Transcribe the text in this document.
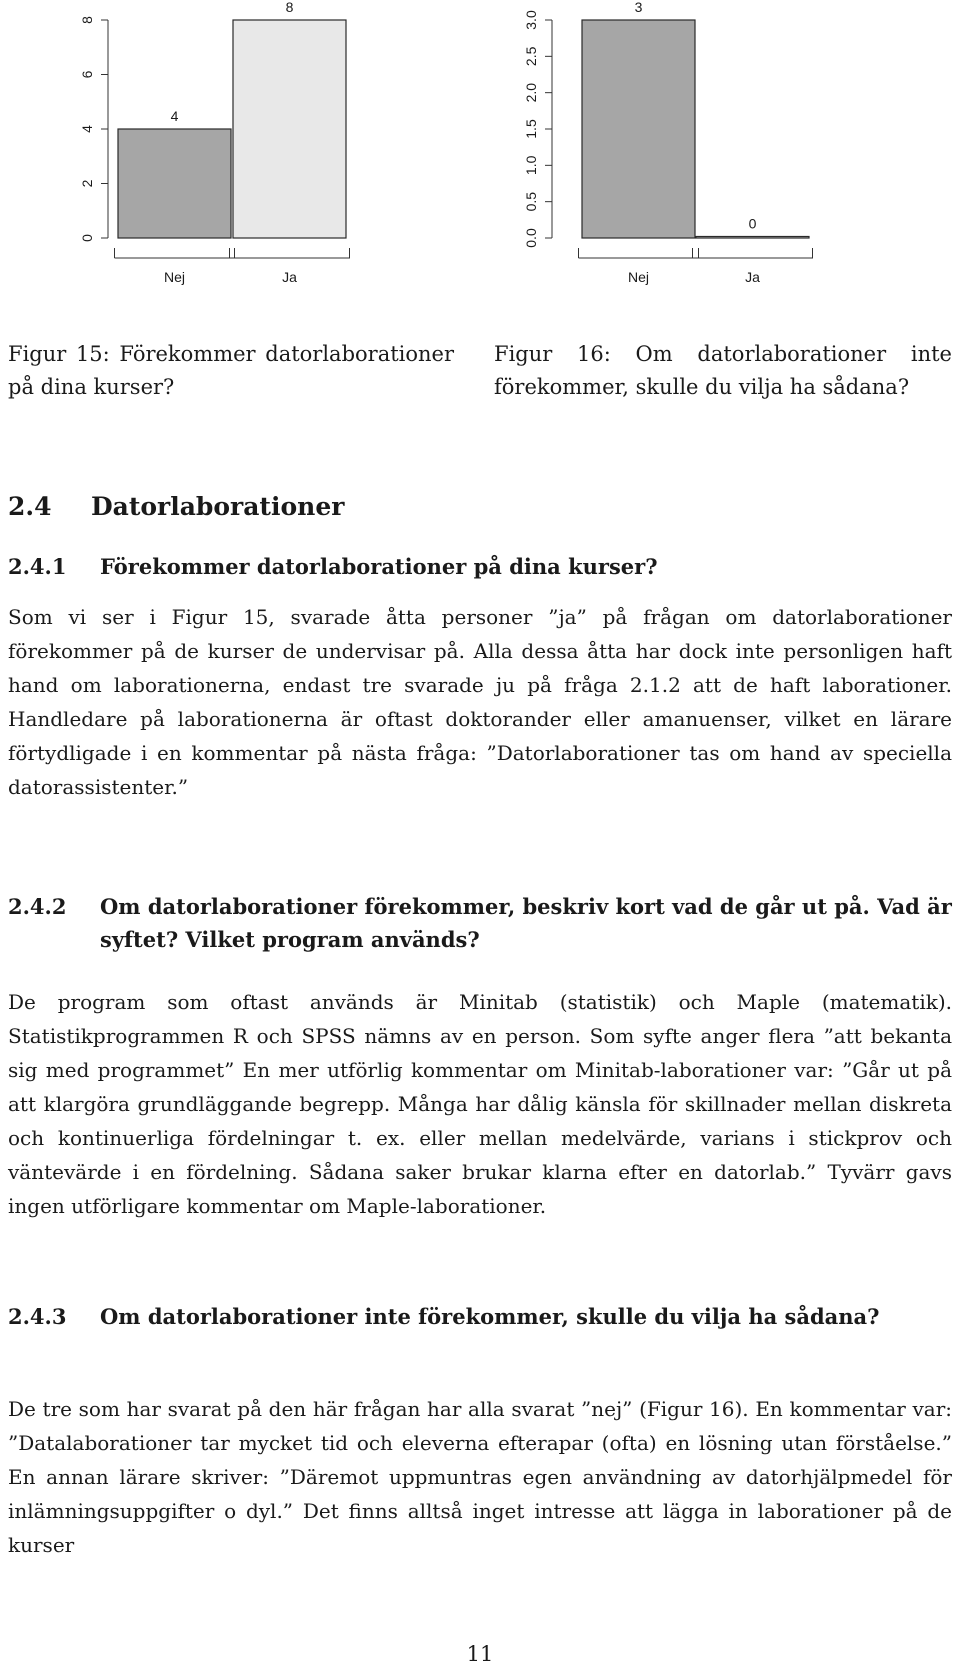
0
2
4
6
8
4
Nej
8
Ja
0.0
0.5
1.0
1.5
2.0
2.5
3.0
3
Nej
0
Ja

Figur 15: Förekommer datorlaborationer på dina kurser?

Figur 16: Om datorlaborationer inte förekommer, skulle du vilja ha sådana?

2.4 Datorlaborationer
2.4.1	Förekommer datorlaborationer på dina kurser?

Som vi ser i Figur 15, svarade åtta personer ”ja” på frågan om datorlaborationer förekommer på de kurser de undervisar på. Alla dessa åtta har dock inte personligen haft hand om laborationerna, endast tre svarade ju på fråga 2.1.2 att de haft laborationer. Handledare på laborationerna är oftast doktorander eller amanuenser, vilket en lärare förtydligade i en kommentar på nästa fråga: ”Datorlaborationer tas om hand av speciella datorassistenter.”

2.4.2	Om datorlaborationer förekommer, beskriv kort vad de går ut på. Vad är syftet? Vilket program används?

De program som oftast används är Minitab (statistik) och Maple (matematik). Statistikprogrammen R och SPSS nämns av en person. Som syfte anger flera ”att bekanta sig med programmet” En mer utförlig kommentar om Minitab-laborationer var: ”Går ut på att klargöra grundläggande begrepp. Många har dålig känsla för skillnader mellan diskreta och kontinuerliga fördelningar t. ex. eller mellan medelvärde, varians i stickprov och väntevärde i en fördelning. Sådana saker brukar klarna efter en datorlab.” Tyvärr gavs ingen utförligare kommentar om Maple-laborationer.

2.4.3	Om datorlaborationer inte förekommer, skulle du vilja ha sådana?

De tre som har svarat på den här frågan har alla svarat ”nej” (Figur 16). En kommentar var: ”Datalaborationer tar mycket tid och eleverna efterapar (ofta) en lösning utan förståelse.” En annan lärare skriver: ”Däremot uppmuntras egen användning av datorhjälpmedel för inlämningsuppgifter o dyl.” Det finns alltså inget intresse att lägga in laborationer på de kurser

11
